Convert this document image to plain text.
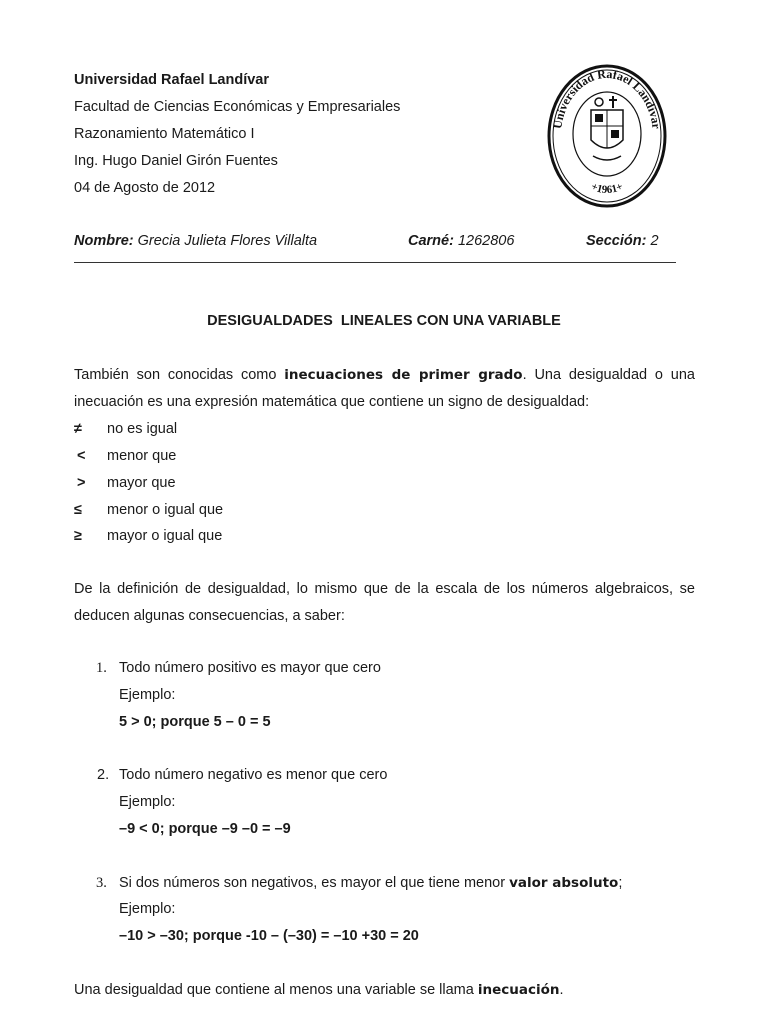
Universidad Rafael Landívar
Facultad de Ciencias Económicas y Empresariales
Razonamiento Matemático I
Ing. Hugo Daniel Girón Fuentes
04 de Agosto de 2012
Universidad Rafael Landívar
+1961+
Nombre: Grecia Julieta Flores Villalta	Carné: 1262806	Sección: 2
DESIGUALDADES  LINEALES CON UNA VARIABLE
También son conocidas como inecuaciones de primer grado. Una desigualdad o una inecuación es una expresión matemática que contiene un signo de desigualdad:
≠ no es igual
< menor que
> mayor que
≤ menor o igual que
≥ mayor o igual que
De la definición de desigualdad, lo mismo que de la escala de los números algebraicos, se deducen algunas consecuencias, a saber:
1. Todo número positivo es mayor que cero
Ejemplo:
5 > 0; porque 5 – 0 = 5
2. Todo número negativo es menor que cero
Ejemplo:
–9 < 0; porque –9 –0 = –9
3. Si dos números son negativos, es mayor el que tiene menor valor absoluto;
Ejemplo:
–10 > –30; porque -10 – (–30) = –10 +30 = 20
Una desigualdad que contiene al menos una variable se llama inecuación.
